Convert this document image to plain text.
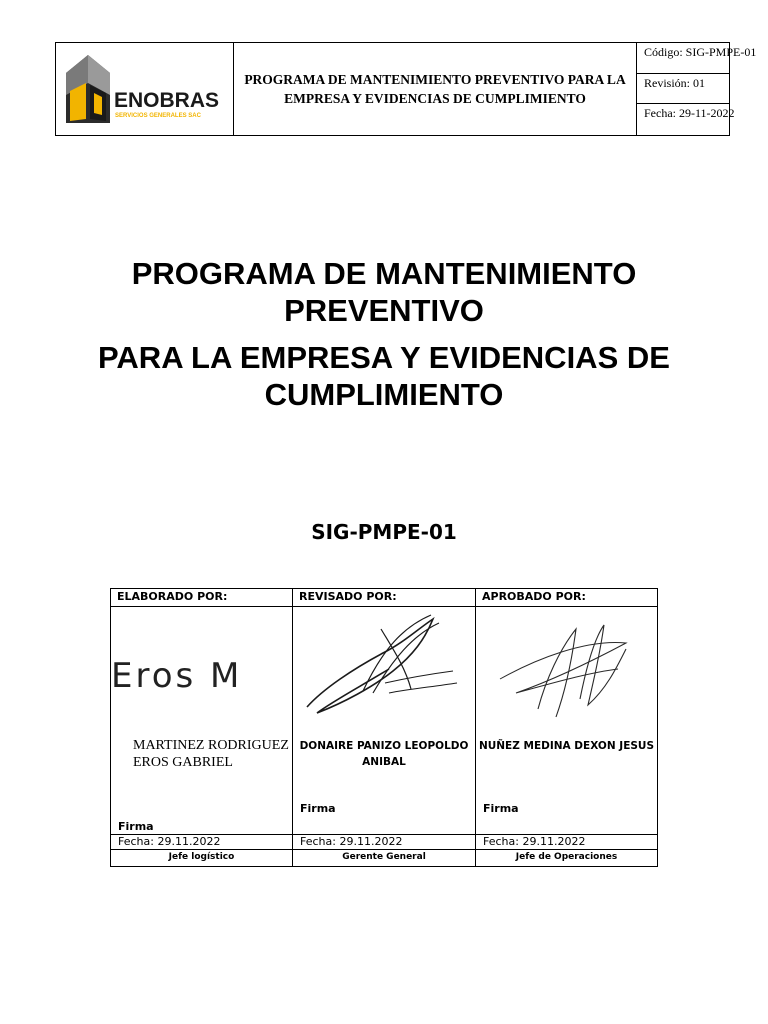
ENOBRAS
SERVICIOS GENERALES SAC
PROGRAMA DE MANTENIMIENTO PREVENTIVO PARA LA EMPRESA Y EVIDENCIAS DE CUMPLIMIENTO
Código: SIG-PMPE-01
Revisión: 01
Fecha: 29-11-2022
PROGRAMA DE MANTENIMIENTO PREVENTIVO
PARA LA EMPRESA Y EVIDENCIAS DE CUMPLIMIENTO
SIG-PMPE-01
ELABORADO POR:
Eros M
MARTINEZ RODRIGUEZ EROS GABRIEL
Firma
Fecha: 29.11.2022
Jefe logístico
REVISADO POR:
DONAIRE PANIZO LEOPOLDO ANIBAL
Firma
Fecha: 29.11.2022
Gerente General
APROBADO POR:
NUÑEZ MEDINA DEXON JESUS
Firma
Fecha: 29.11.2022
Jefe de Operaciones
